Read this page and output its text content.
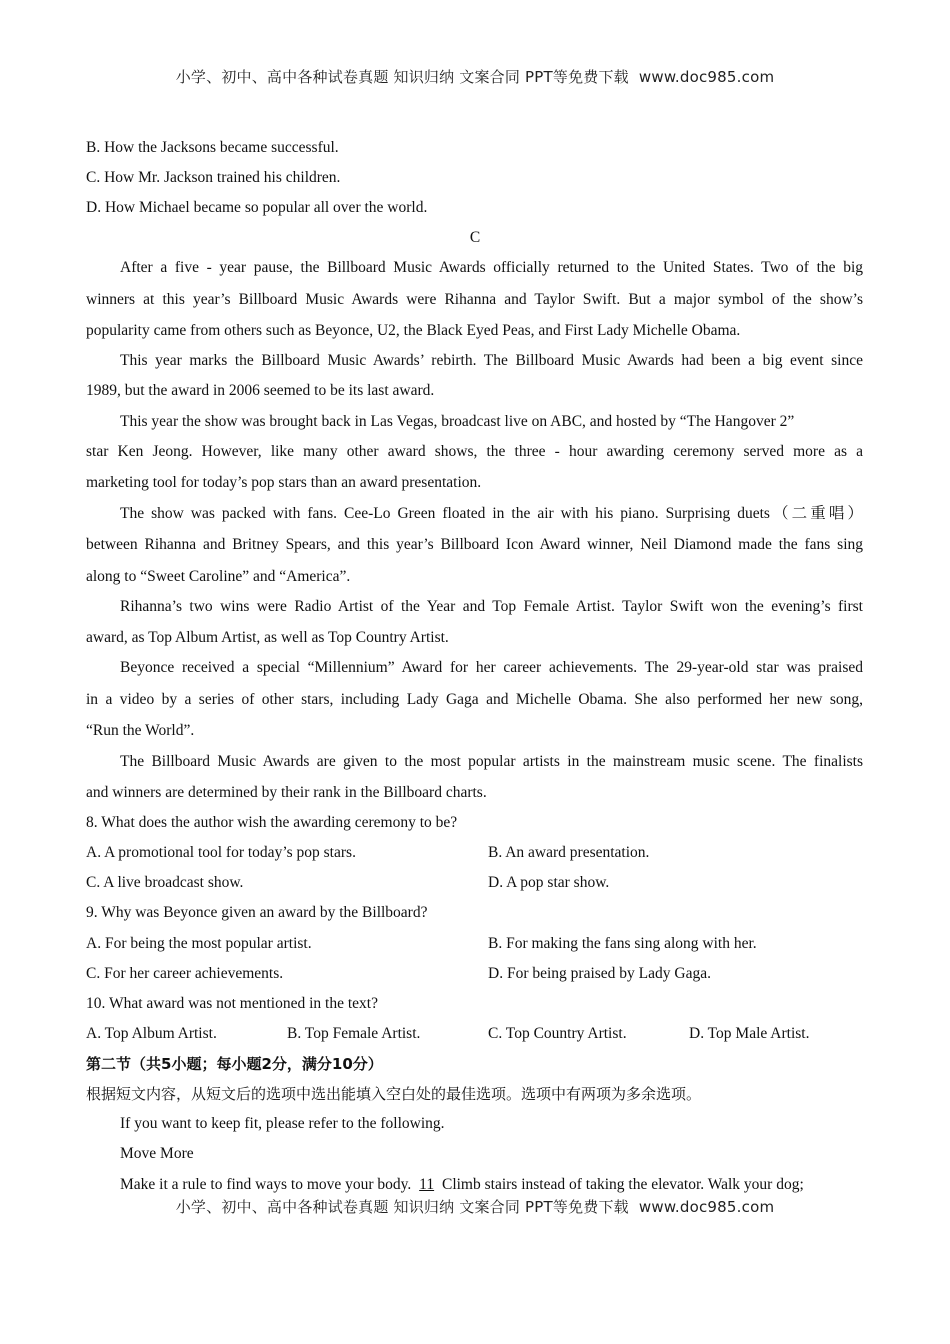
小学、初中、高中各种试卷真题 知识归纳 文案合同 PPT等免费下载 www.doc985.com
B. How the Jacksons became successful.
C. How Mr. Jackson trained his children.
D. How Michael became so popular all over the world.
C
After a five - year pause, the Billboard Music Awards officially returned to the United States. Two of the big
winners at this year’s Billboard Music Awards were Rihanna and Taylor Swift. But a major symbol of the show’s
popularity came from others such as Beyonce, U2, the Black Eyed Peas, and First Lady Michelle Obama.
This year marks the Billboard Music Awards’ rebirth. The Billboard Music Awards had been a big event since
1989, but the award in 2006 seemed to be its last award.
This year the show was brought back in Las Vegas, broadcast live on ABC, and hosted by “The Hangover 2”
star Ken Jeong. However, like many other award shows, the three - hour awarding ceremony served more as a
marketing tool for today’s pop stars than an award presentation.
The show was packed with fans. Cee-Lo Green floated in the air with his piano. Surprising duets（二重唱）
between Rihanna and Britney Spears, and this year’s Billboard Icon Award winner, Neil Diamond made the fans sing
along to “Sweet Caroline” and “America”.
Rihanna’s two wins were Radio Artist of the Year and Top Female Artist. Taylor Swift won the evening’s first
award, as Top Album Artist, as well as Top Country Artist.
Beyonce received a special “Millennium” Award for her career achievements. The 29-year-old star was praised
in a video by a series of other stars, including Lady Gaga and Michelle Obama. She also performed her new song,
“Run the World”.
The Billboard Music Awards are given to the most popular artists in the mainstream music scene. The finalists
and winners are determined by their rank in the Billboard charts.
8. What does the author wish the awarding ceremony to be?
A. A promotional tool for today’s pop stars.	B. An award presentation.
C. A live broadcast show.	D. A pop star show.
9. Why was Beyonce given an award by the Billboard?
A. For being the most popular artist.	B. For making the fans sing along with her.
C. For her career achievements.	D. For being praised by Lady Gaga.
10. What award was not mentioned in the text?
A. Top Album Artist.	B. Top Female Artist.	C. Top Country Artist.	D. Top Male Artist.
第二节（共5小题；每小题2分，满分10分）
根据短文内容，从短文后的选项中选出能填入空白处的最佳选项。选项中有两项为多余选项。
If you want to keep fit, please refer to the following.
Move More
Make it a rule to find ways to move your body. 11 Climb stairs instead of taking the elevator. Walk your dog;
小学、初中、高中各种试卷真题 知识归纳 文案合同 PPT等免费下载 www.doc985.com
